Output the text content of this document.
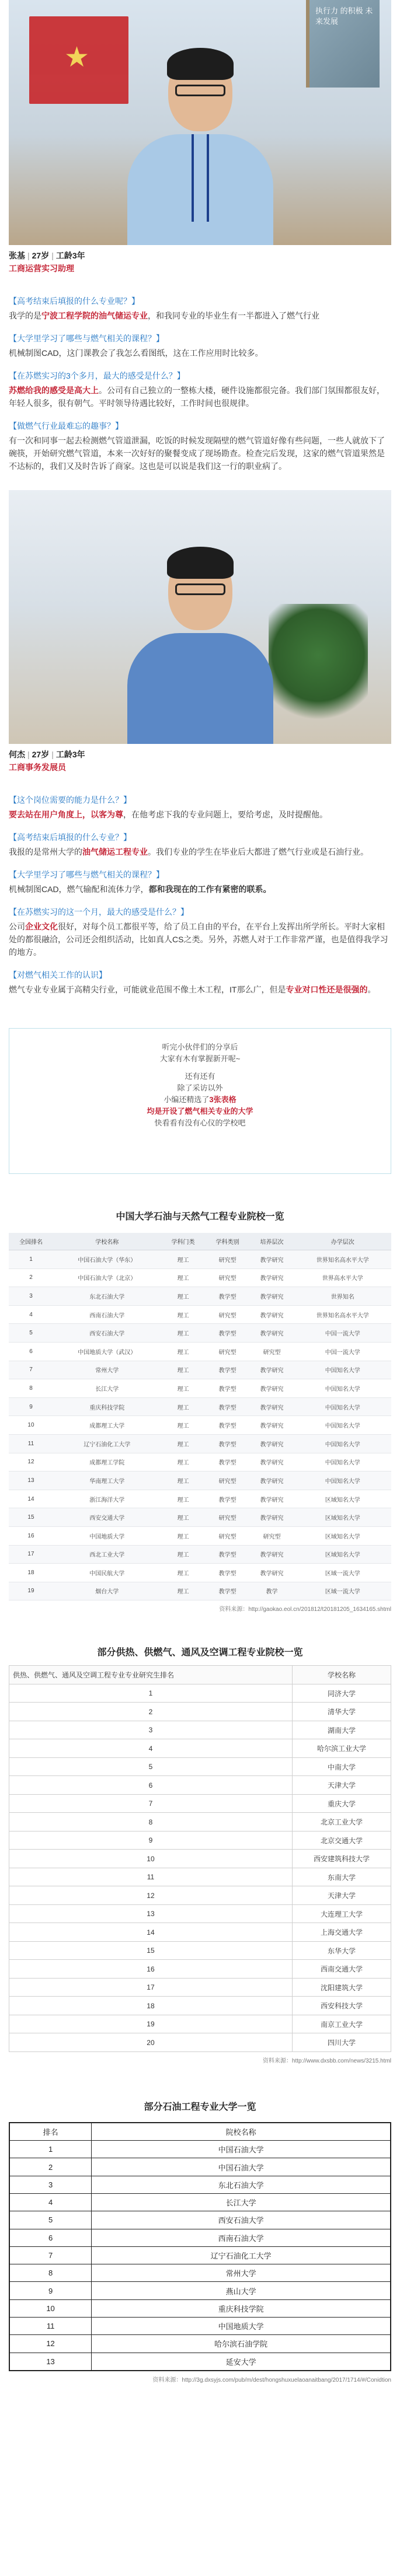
★
执行力 的积极 未来发展
张基 | 27岁 | 工龄3年
工商运营实习助理
【高考结束后填报的什么专业呢？】
我学的是宁波工程学院的油气储运专业，和我同专业的毕业生有一半都进入了燃气行业
【大学里学习了哪些与燃气相关的课程？】
机械制图CAD，这门课教会了我怎么看图纸，这在工作应用时比较多。
【在苏燃实习的3个多月，最大的感受是什么？】
苏燃给我的感受是高大上。公司有自己独立的一整栋大楼，硬件设施都很完备。我们部门氛围都很友好，年轻人很多，很有朝气。平时领导待遇比较好，工作时间也很规律。
【做燃气行业最难忘的趣事？】
有一次和同事一起去检测燃气管道泄漏，吃饭的时候发现隔壁的燃气管道好像有些问题，一些人就放下了碗筷，开始研究燃气管道，本来一次好好的聚餐变成了现场勘查。检查完后发现，这家的燃气管道果然是不达标的，我们又及时告诉了商家。这也是可以说是我们这一行的职业病了。
何杰 | 27岁 | 工龄3年
工商事务发展员
【这个岗位需要的能力是什么？】
要去站在用户角度上，以客为尊，在他考虑下我的专业问题上，要给考虑，及时提醒他。
【高考结束后填报的什么专业？】
我报的是常州大学的油气储运工程专业。我们专业的学生在毕业后大都进了燃气行业或是石油行业。
【大学里学习了哪些与燃气相关的课程？】
机械制图CAD，燃气输配和流体力学，都和我现在的工作有紧密的联系。
【在苏燃实习的这一个月，最大的感受是什么？】
公司企业文化很好，对每个员工都很平等，给了员工自由的平台，在平台上发挥出所学所长。平时大家相处的都很融洽，公司还会组织活动，比如真人CS之类。另外，苏燃人对于工作非常严谨，也是值得我学习的地方。
【对燃气相关工作的认识】
燃气专业专业属于高精尖行业，可能就业范围不像土木工程，IT那么广，但是专业对口性还是很强的。
听完小伙伴们的分享后
大家有木有掌握新开呢~
还有还有
除了采访以外
小编还精选了3张表格
均是开设了燃气相关专业的大学
快看看有没有心仪的学校吧
中国大学石油与天然气工程专业院校一览
全国排名	学校名称	学科门类	学科类别	培养层次	办学层次
1	中国石油大学（华东）	理工	研究型	教学研究	世界知名高水平大学
2	中国石油大学（北京）	理工	研究型	教学研究	世界高水平大学
3	东北石油大学	理工	教学型	教学研究	世界知名
4	西南石油大学	理工	研究型	教学研究	世界知名高水平大学
5	西安石油大学	理工	教学型	教学研究	中国一流大学
6	中国地质大学（武汉）	理工	研究型	研究型	中国一流大学
7	常州大学	理工	教学型	教学研究	中国知名大学
8	长江大学	理工	教学型	教学研究	中国知名大学
9	重庆科技学院	理工	教学型	教学研究	中国知名大学
10	成都理工大学	理工	教学型	教学研究	中国知名大学
11	辽宁石油化工大学	理工	教学型	教学研究	中国知名大学
12	成都理工学院	理工	教学型	教学研究	中国知名大学
13	华南理工大学	理工	研究型	教学研究	中国知名大学
14	浙江海洋大学	理工	教学型	教学研究	区域知名大学
15	西安交通大学	理工	研究型	教学研究	区域知名大学
16	中国地质大学	理工	研究型	研究型	区域知名大学
17	西北工业大学	理工	教学型	教学研究	区域知名大学
18	中国民航大学	理工	教学型	教学研究	区域一流大学
19	烟台大学	理工	教学型	教学	区域一流大学
资料来源：http://gaokao.eol.cn/201812/t20181205_1634165.shtml
部分供热、供燃气、通风及空调工程专业院校一览
供热、供燃气、通风及空调工程专业专业研究生排名	学校名称
1	同济大学
2	清华大学
3	湖南大学
4	哈尔滨工业大学
5	中南大学
6	天津大学
7	重庆大学
8	北京工业大学
9	北京交通大学
10	西安建筑科技大学
11	东南大学
12	天津大学
13	大连理工大学
14	上海交通大学
15	东华大学
16	西南交通大学
17	沈阳建筑大学
18	西安科技大学
19	南京工业大学
20	四川大学
资料来源：http://www.dxsbb.com/news/3215.html
部分石油工程专业大学一览
排名	院校名称
1	中国石油大学
2	中国石油大学
3	东北石油大学
4	长江大学
5	西安石油大学
6	西南石油大学
7	辽宁石油化工大学
8	常州大学
9	燕山大学
10	重庆科技学院
11	中国地质大学
12	哈尔滨石油学院
13	延安大学
资料来源：http://3g.dxsyjs.com/pub/m/dest/hongshuxuelaoanaitbang/2017/1714/#/Conidtion
